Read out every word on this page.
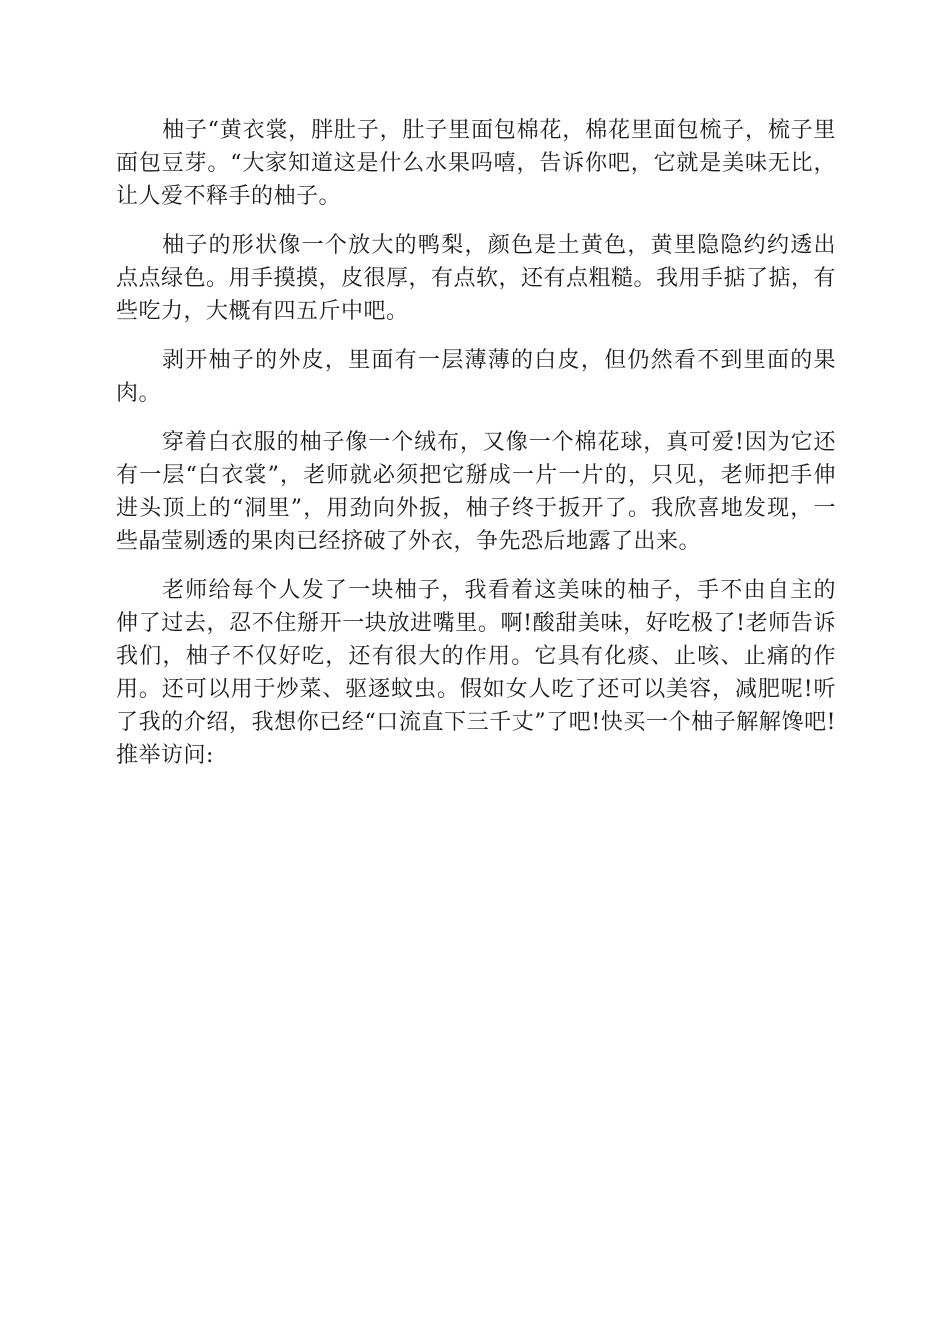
柚子“黄衣裳，胖肚子，肚子里面包棉花，棉花里面包梳子，梳子里面包豆芽。“大家知道这是什么水果吗嘻，告诉你吧，它就是美味无比，让人爱不释手的柚子。

柚子的形状像一个放大的鸭梨，颜色是土黄色，黄里隐隐约约透出点点绿色。用手摸摸，皮很厚，有点软，还有点粗糙。我用手掂了掂，有些吃力，大概有四五斤中吧。

剥开柚子的外皮，里面有一层薄薄的白皮，但仍然看不到里面的果肉。

穿着白衣服的柚子像一个绒布，又像一个棉花球，真可爱!因为它还有一层“白衣裳”，老师就必须把它掰成一片一片的，只见，老师把手伸进头顶上的“洞里”，用劲向外扳，柚子终于扳开了。我欣喜地发现，一些晶莹剔透的果肉已经挤破了外衣，争先恐后地露了出来。

老师给每个人发了一块柚子，我看着这美味的柚子，手不由自主的伸了过去，忍不住掰开一块放进嘴里。啊!酸甜美味，好吃极了!老师告诉我们，柚子不仅好吃，还有很大的作用。它具有化痰、止咳、止痛的作用。还可以用于炒菜、驱逐蚊虫。假如女人吃了还可以美容，减肥呢!听了我的介绍，我想你已经“口流直下三千丈”了吧!快买一个柚子解解馋吧!推举访问:
